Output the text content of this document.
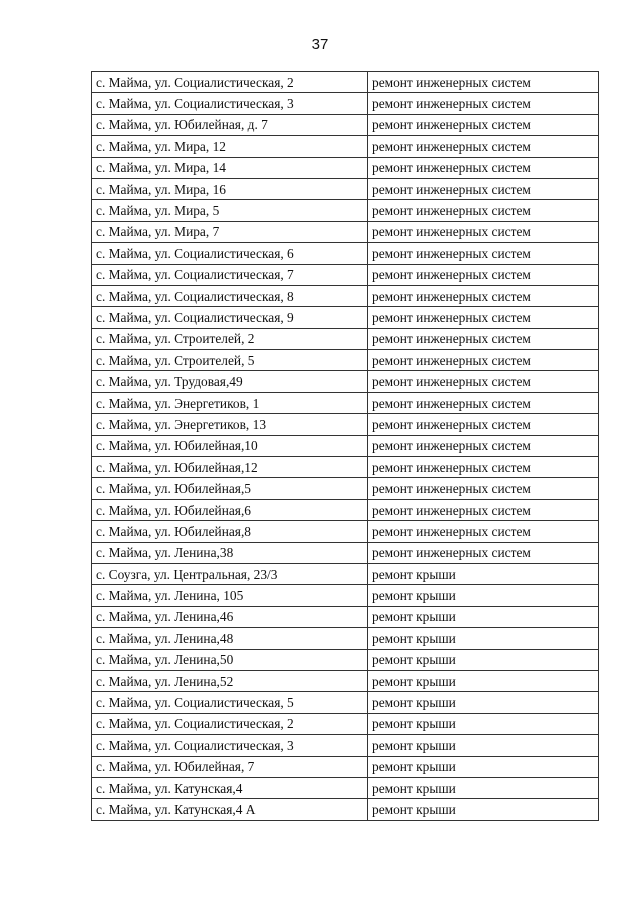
37
с. Майма, ул. Социалистическая, 2	ремонт инженерных систем
с. Майма, ул. Социалистическая, 3	ремонт инженерных систем
с. Майма, ул. Юбилейная, д. 7	ремонт инженерных систем
с. Майма, ул. Мира, 12	ремонт инженерных систем
с. Майма, ул. Мира, 14	ремонт инженерных систем
с. Майма, ул. Мира, 16	ремонт инженерных систем
с. Майма, ул. Мира, 5	ремонт инженерных систем
с. Майма, ул. Мира, 7	ремонт инженерных систем
с. Майма, ул. Социалистическая, 6	ремонт инженерных систем
с. Майма, ул. Социалистическая, 7	ремонт инженерных систем
с. Майма, ул. Социалистическая, 8	ремонт инженерных систем
с. Майма, ул. Социалистическая, 9	ремонт инженерных систем
с. Майма, ул. Строителей, 2	ремонт инженерных систем
с. Майма, ул. Строителей, 5	ремонт инженерных систем
с. Майма, ул. Трудовая,49	ремонт инженерных систем
с. Майма, ул. Энергетиков, 1	ремонт инженерных систем
с. Майма, ул. Энергетиков, 13	ремонт инженерных систем
с. Майма, ул. Юбилейная,10	ремонт инженерных систем
с. Майма, ул. Юбилейная,12	ремонт инженерных систем
с. Майма, ул. Юбилейная,5	ремонт инженерных систем
с. Майма, ул. Юбилейная,6	ремонт инженерных систем
с. Майма, ул. Юбилейная,8	ремонт инженерных систем
с. Майма, ул. Ленина,38	ремонт инженерных систем
с. Соузга, ул. Центральная, 23/3	ремонт крыши
с. Майма, ул. Ленина, 105	ремонт крыши
с. Майма, ул. Ленина,46	ремонт крыши
с. Майма, ул. Ленина,48	ремонт крыши
с. Майма, ул. Ленина,50	ремонт крыши
с. Майма, ул. Ленина,52	ремонт крыши
с. Майма, ул. Социалистическая, 5	ремонт крыши
с. Майма, ул. Социалистическая, 2	ремонт крыши
с. Майма, ул. Социалистическая, 3	ремонт крыши
с. Майма, ул. Юбилейная, 7	ремонт крыши
с. Майма, ул. Катунская,4	ремонт крыши
с. Майма, ул. Катунская,4 А	ремонт крыши
